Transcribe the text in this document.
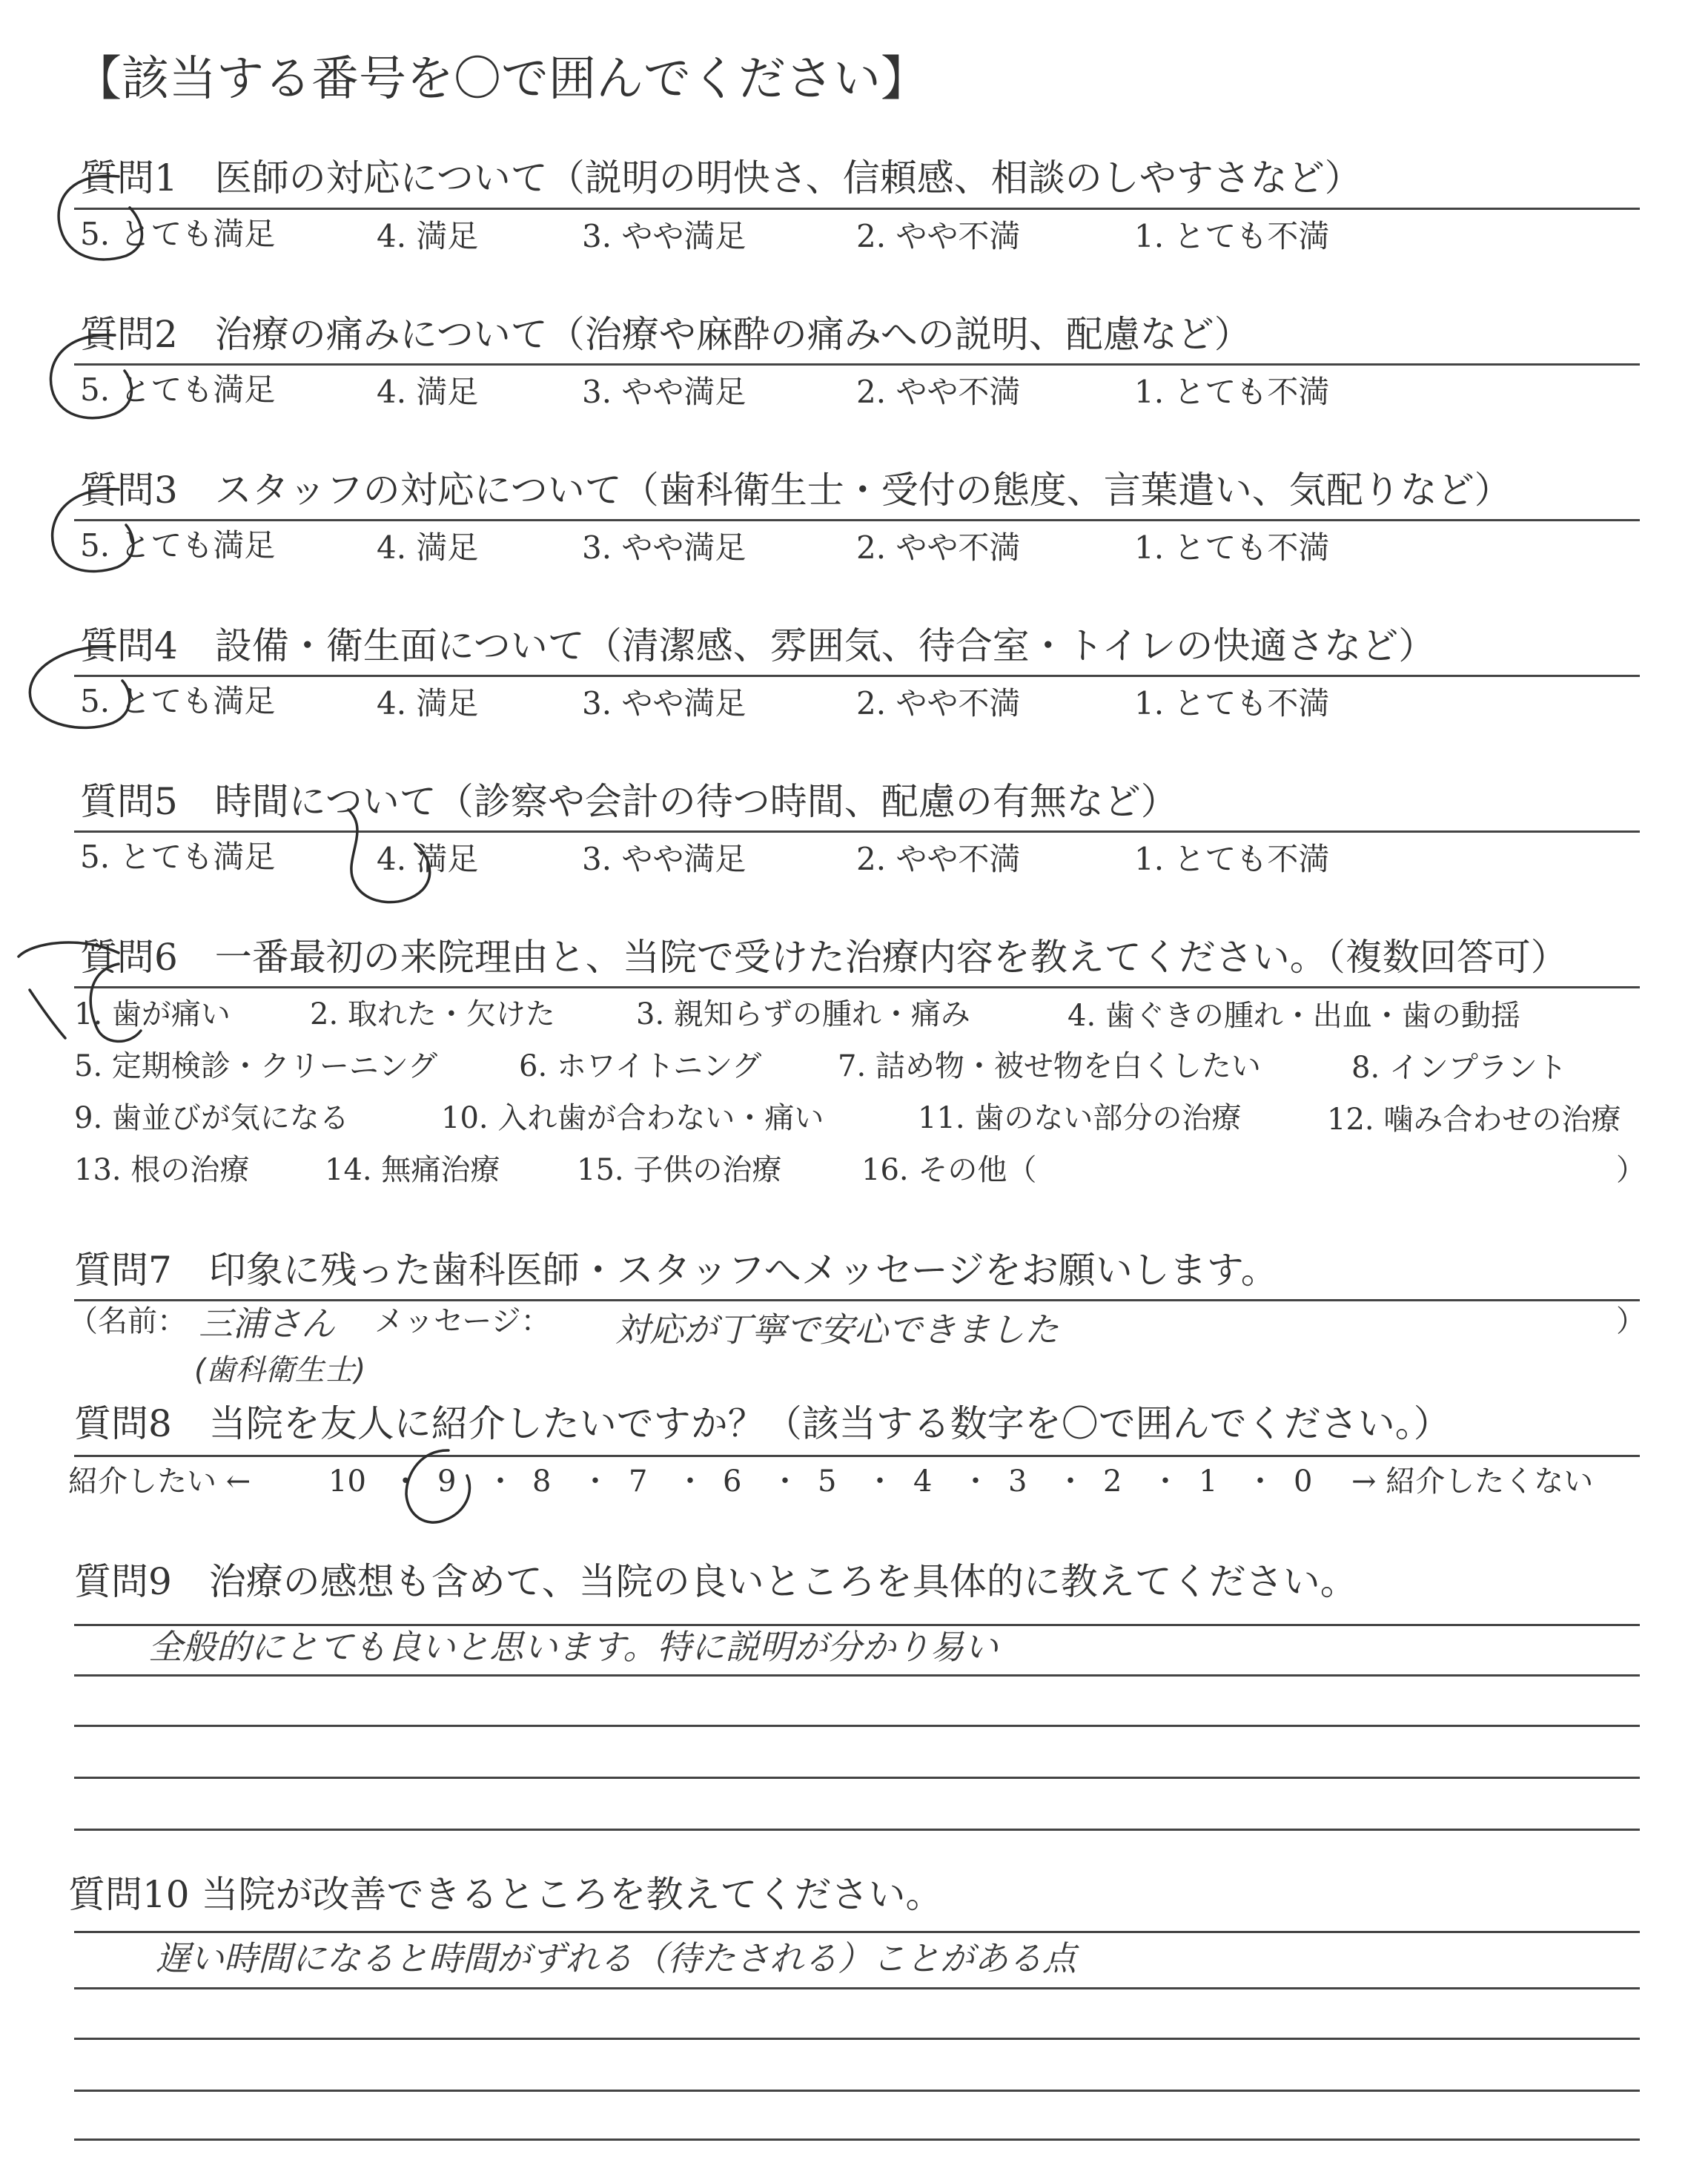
【該当する番号を〇で囲んでください】
質問1　医師の対応について（説明の明快さ、信頼感、相談のしやすさなど）
5. とても満足	4. 満足	3. やや満足	2. やや不満	1. とても不満
質問2　治療の痛みについて（治療や麻酔の痛みへの説明、配慮など）
5. とても満足	4. 満足	3. やや満足	2. やや不満	1. とても不満
質問3　スタッフの対応について（歯科衛生士・受付の態度、言葉遣い、気配りなど）
5. とても満足	4. 満足	3. やや満足	2. やや不満	1. とても不満
質問4　設備・衛生面について（清潔感、雰囲気、待合室・トイレの快適さなど）
5. とても満足	4. 満足	3. やや満足	2. やや不満	1. とても不満
質問5　時間について（診察や会計の待つ時間、配慮の有無など）
5. とても満足	4. 満足	3. やや満足	2. やや不満	1. とても不満
質問6　一番最初の来院理由と、当院で受けた治療内容を教えてください。（複数回答可）
1. 歯が痛い	2. 取れた・欠けた	3. 親知らずの腫れ・痛み	4. 歯ぐきの腫れ・出血・歯の動揺
5. 定期検診・クリーニング	6. ホワイトニング	7. 詰め物・被せ物を白くしたい	8. インプラント
9. 歯並びが気になる	10. 入れ歯が合わない・痛い	11. 歯のない部分の治療	12. 噛み合わせの治療
13. 根の治療	14. 無痛治療	15. 子供の治療	16. その他（	）
質問7　印象に残った歯科医師・スタッフへメッセージをお願いします。
（名前： 三浦さん メッセージ： 対応が丁寧で安心できました	）
(歯科衛生士)
質問8　当院を友人に紹介したいですか？（該当する数字を〇で囲んでください。）
紹介したい ←	→ 紹介したくない
10 9	8	7	6	5	4	3	2	1	0
・ ・ ・ ・ ・ ・ ・ ・ ・ ・
質問9　治療の感想も含めて、当院の良いところを具体的に教えてください。
全般的にとても良いと思います。特に説明が分かり易い
質問10 当院が改善できるところを教えてください。
遅い時間になると時間がずれる（待たされる）ことがある点
